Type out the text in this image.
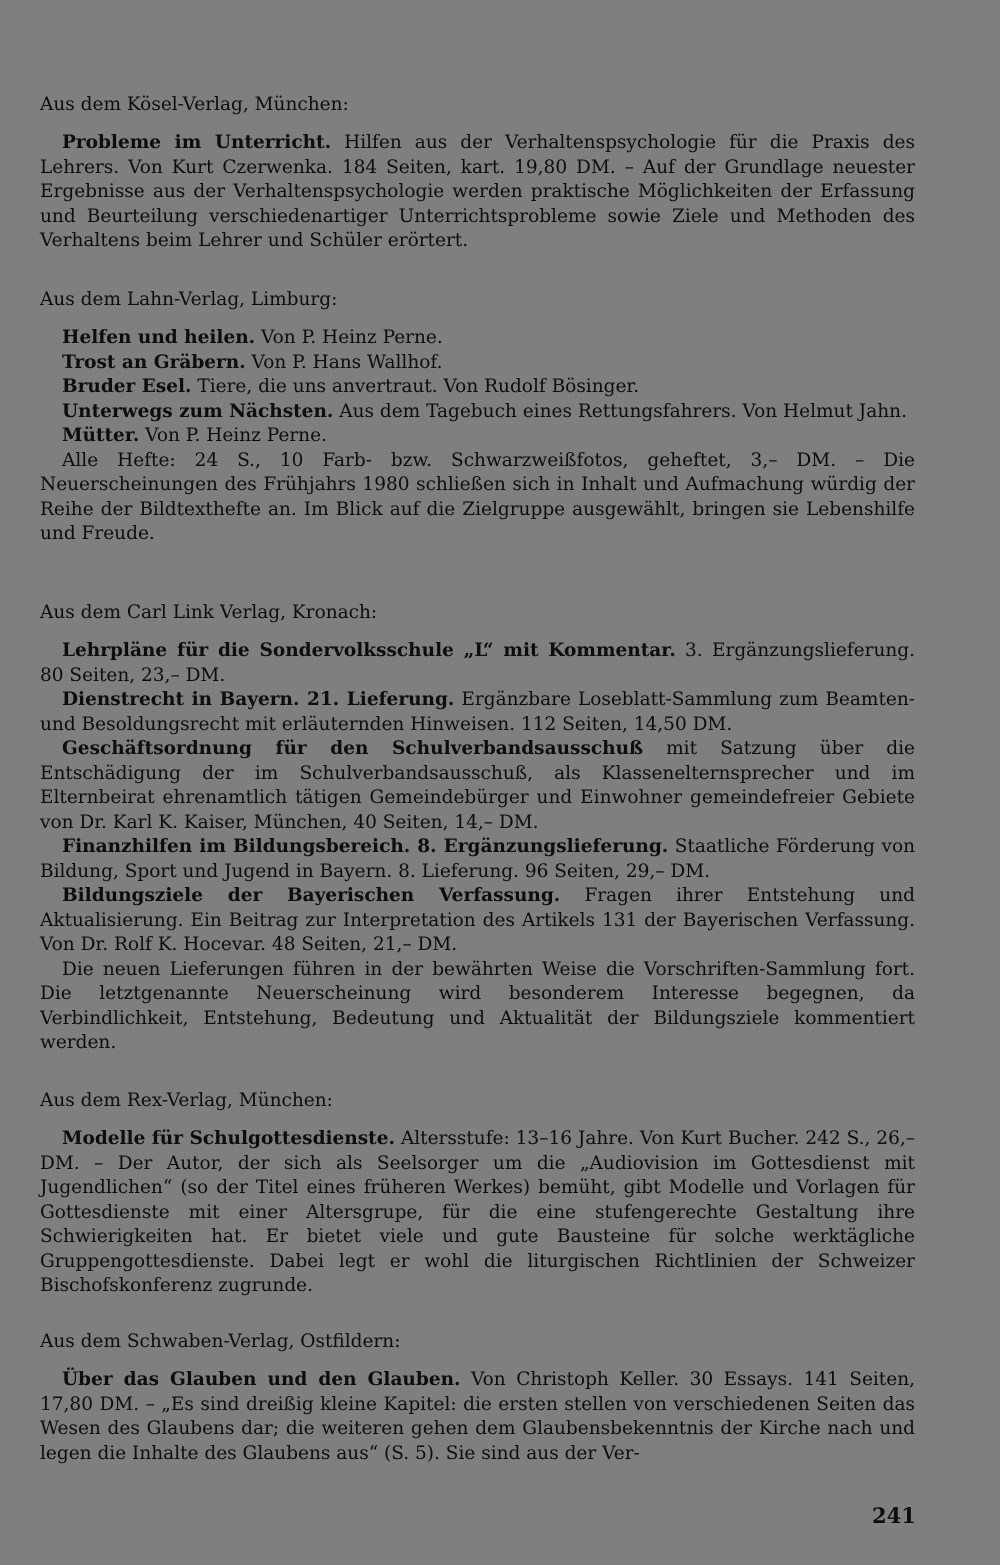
Aus dem Kösel-Verlag, München:

Probleme im Unterricht. Hilfen aus der Verhaltenspsychologie für die Praxis des Lehrers. Von Kurt Czerwenka. 184 Seiten, kart. 19,80 DM. – Auf der Grundlage neuester Ergebnisse aus der Verhaltenspsychologie werden praktische Möglichkeiten der Erfassung und Beurteilung verschiedenartiger Unterrichtsprobleme sowie Ziele und Methoden des Verhaltens beim Lehrer und Schüler erörtert.

Aus dem Lahn-Verlag, Limburg:

Helfen und heilen. Von P. Heinz Perne.

Trost an Gräbern. Von P. Hans Wallhof.

Bruder Esel. Tiere, die uns anvertraut. Von Rudolf Bösinger.

Unterwegs zum Nächsten. Aus dem Tagebuch eines Rettungsfahrers. Von Helmut Jahn.

Mütter. Von P. Heinz Perne.

Alle Hefte: 24 S., 10 Farb- bzw. Schwarzweißfotos, geheftet, 3,– DM. – Die Neuerscheinungen des Frühjahrs 1980 schließen sich in Inhalt und Aufmachung würdig der Reihe der Bildtexthefte an. Im Blick auf die Zielgruppe ausgewählt, bringen sie Lebenshilfe und Freude.

Aus dem Carl Link Verlag, Kronach:

Lehrpläne für die Sondervolksschule „L“ mit Kommentar. 3. Ergänzungslieferung. 80 Seiten, 23,– DM.

Dienstrecht in Bayern. 21. Lieferung. Ergänzbare Loseblatt-Sammlung zum Beamten- und Besoldungsrecht mit erläuternden Hinweisen. 112 Seiten, 14,50 DM.

Geschäftsordnung für den Schulverbandsausschuß mit Satzung über die Entschädigung der im Schulverbandsausschuß, als Klassenelternsprecher und im Elternbeirat ehrenamtlich tätigen Gemeindebürger und Einwohner gemeindefreier Gebiete von Dr. Karl K. Kaiser, München, 40 Seiten, 14,– DM.

Finanzhilfen im Bildungsbereich. 8. Ergänzungslieferung. Staatliche Förderung von Bildung, Sport und Jugend in Bayern. 8. Lieferung. 96 Seiten, 29,– DM.

Bildungsziele der Bayerischen Verfassung. Fragen ihrer Entstehung und Aktualisierung. Ein Beitrag zur Interpretation des Artikels 131 der Bayerischen Verfassung. Von Dr. Rolf K. Hocevar. 48 Seiten, 21,– DM.

Die neuen Lieferungen führen in der bewährten Weise die Vorschriften-Sammlung fort. Die letztgenannte Neuerscheinung wird besonderem Interesse begegnen, da Verbindlichkeit, Entstehung, Bedeutung und Aktualität der Bildungsziele kommentiert werden.

Aus dem Rex-Verlag, München:

Modelle für Schulgottesdienste. Altersstufe: 13–16 Jahre. Von Kurt Bucher. 242 S., 26,– DM. – Der Autor, der sich als Seelsorger um die „Audiovision im Gottesdienst mit Jugendlichen“ (so der Titel eines früheren Werkes) bemüht, gibt Modelle und Vorlagen für Gottesdienste mit einer Altersgrupe, für die eine stufengerechte Gestaltung ihre Schwierigkeiten hat. Er bietet viele und gute Bausteine für solche werktägliche Gruppengottesdienste. Dabei legt er wohl die liturgischen Richtlinien der Schweizer Bischofskonferenz zugrunde.

Aus dem Schwaben-Verlag, Ostfildern:

Über das Glauben und den Glauben. Von Christoph Keller. 30 Essays. 141 Seiten, 17,80 DM. – „Es sind dreißig kleine Kapitel: die ersten stellen von verschiedenen Seiten das Wesen des Glaubens dar; die weiteren gehen dem Glaubensbekenntnis der Kirche nach und legen die Inhalte des Glaubens aus“ (S. 5). Sie sind aus der Ver-

241
